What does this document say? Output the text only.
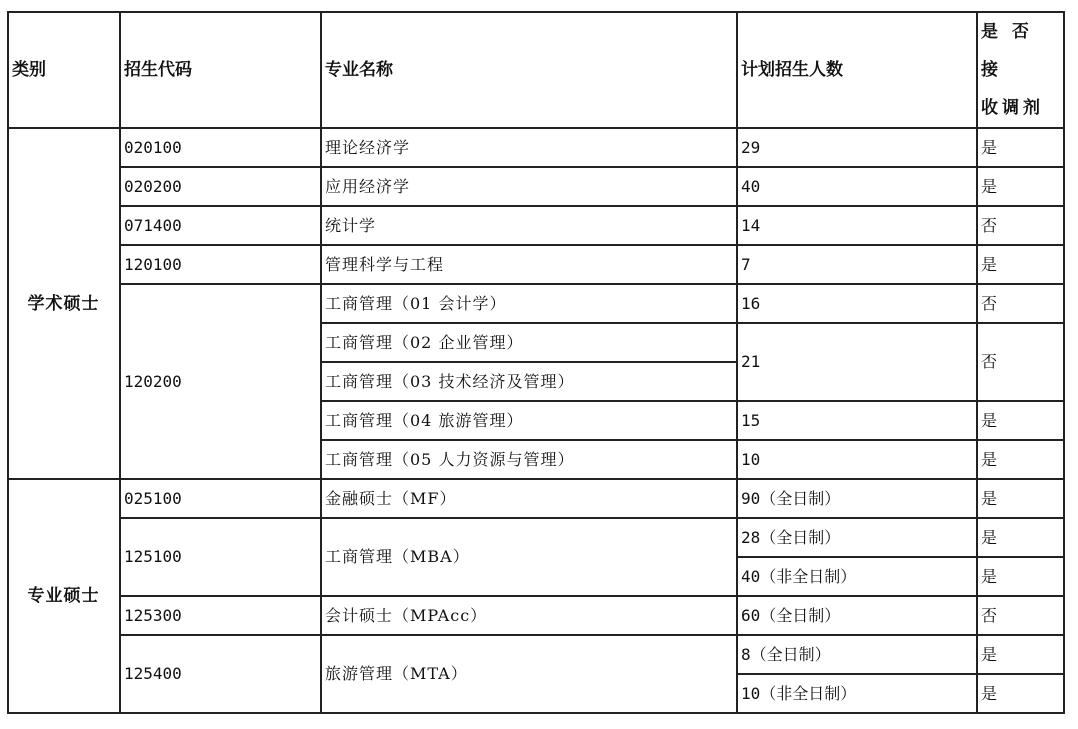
类别	招生代码	专业名称	计划招生人数	是 否 接
收调剂

学术硕士	020100	理论经济学	29	是
	020200	应用经济学	40	是
	071400	统计学	14	否
	120100	管理科学与工程	7	是
	120200	工商管理（01 会计学）	16	否
		工商管理（02 企业管理）	21	否
		工商管理（03 技术经济及管理）		
		工商管理（04 旅游管理）	15	是
		工商管理（05 人力资源与管理）	10	是
专业硕士	025100	金融硕士（MF）	90（全日制）	是
	125100	工商管理（MBA）	28（全日制）	是
			40（非全日制）	是
	125300	会计硕士（MPAcc）	60（全日制）	否
	125400	旅游管理（MTA）	8（全日制）	是
			10（非全日制）	是
